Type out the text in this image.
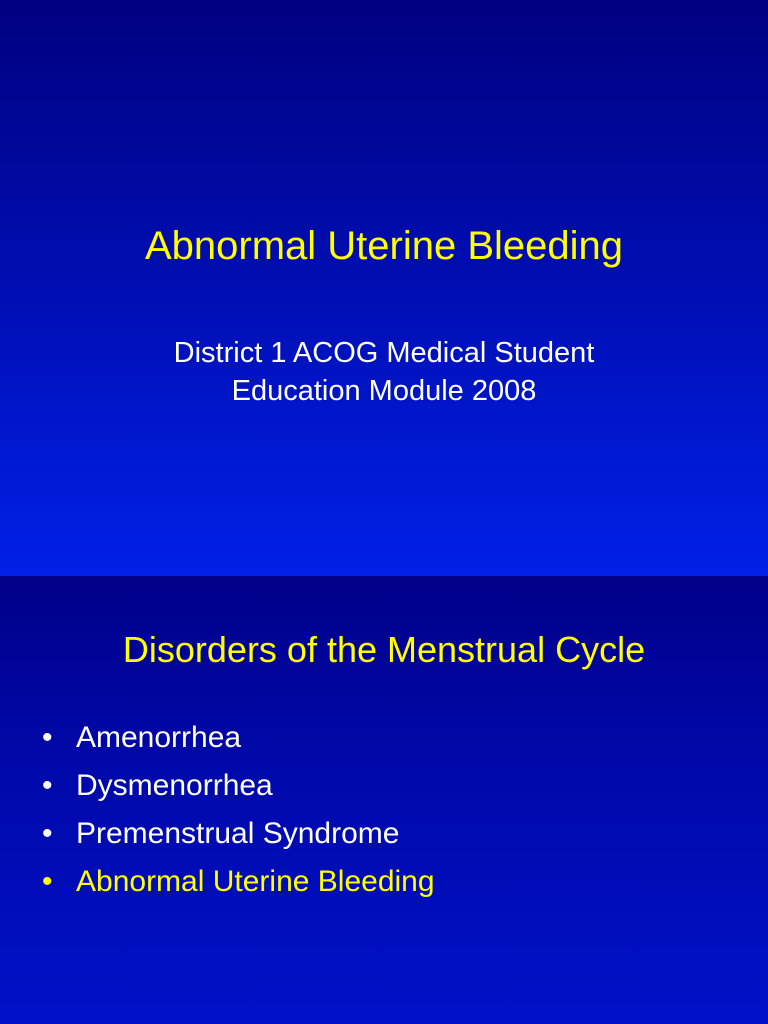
Abnormal Uterine Bleeding
District 1 ACOG Medical Student
Education Module 2008
Disorders of the Menstrual Cycle
• Amenorrhea
• Dysmenorrhea
• Premenstrual Syndrome
• Abnormal Uterine Bleeding
